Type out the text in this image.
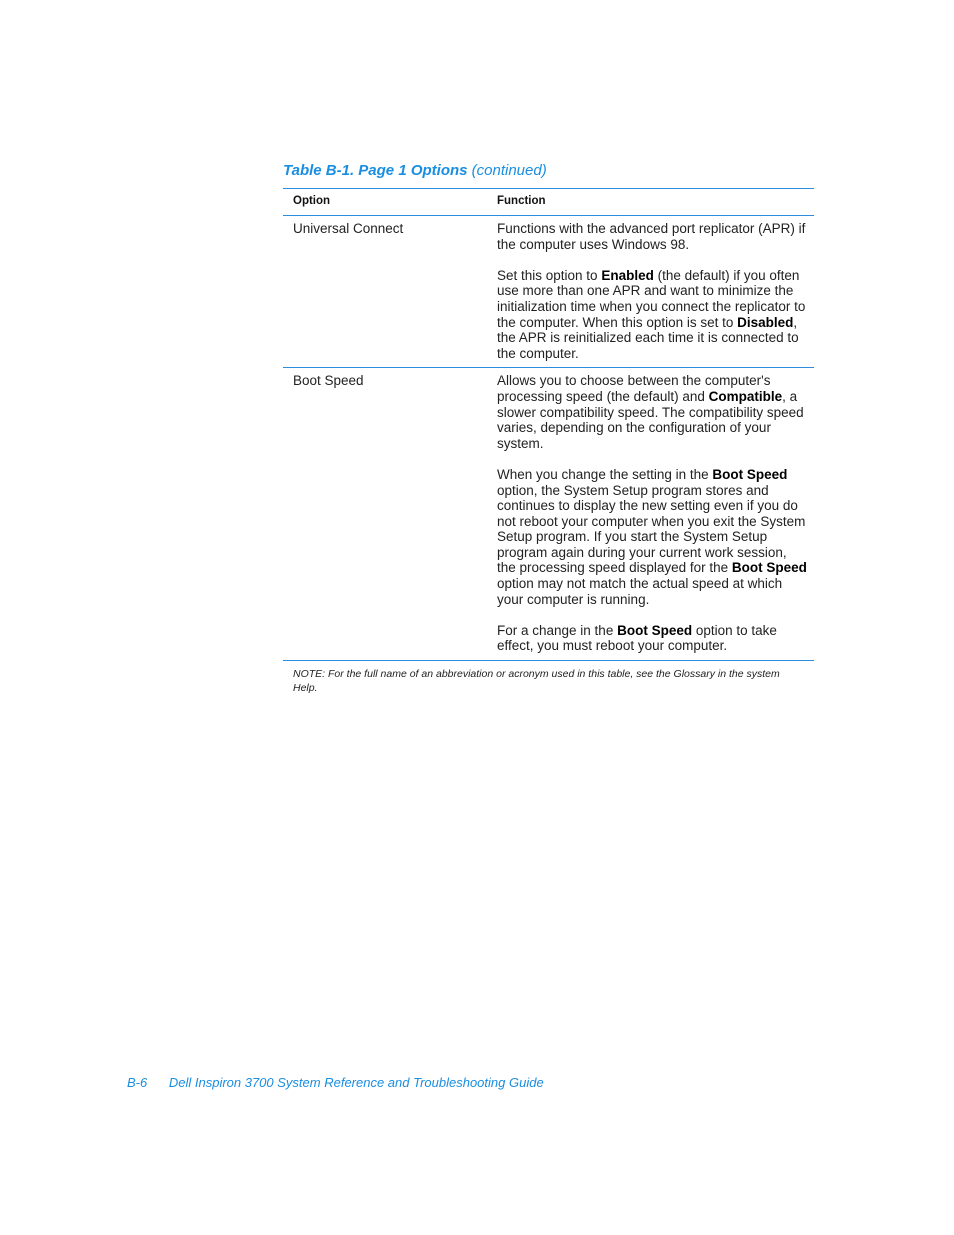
Table B-1. Page 1 Options (continued)
Option	Function
Universal Connect	Functions with the advanced port replicator (APR) if the computer uses Windows 98.

Set this option to Enabled (the default) if you often use more than one APR and want to minimize the initialization time when you connect the replicator to the computer. When this option is set to Disabled, the APR is reinitialized each time it is connected to the computer.

Boot Speed	Allows you to choose between the computer's processing speed (the default) and Compatible, a slower compatibility speed. The compatibility speed varies, depending on the configuration of your system.

When you change the setting in the Boot Speed option, the System Setup program stores and continues to display the new setting even if you do not reboot your computer when you exit the System Setup program. If you start the System Setup program again during your current work session, the processing speed displayed for the Boot Speed option may not match the actual speed at which your computer is running.

For a change in the Boot Speed option to take effect, you must reboot your computer.

NOTE: For the full name of an abbreviation or acronym used in this table, see the Glossary in the system Help.
B-6 Dell Inspiron 3700 System Reference and Troubleshooting Guide
